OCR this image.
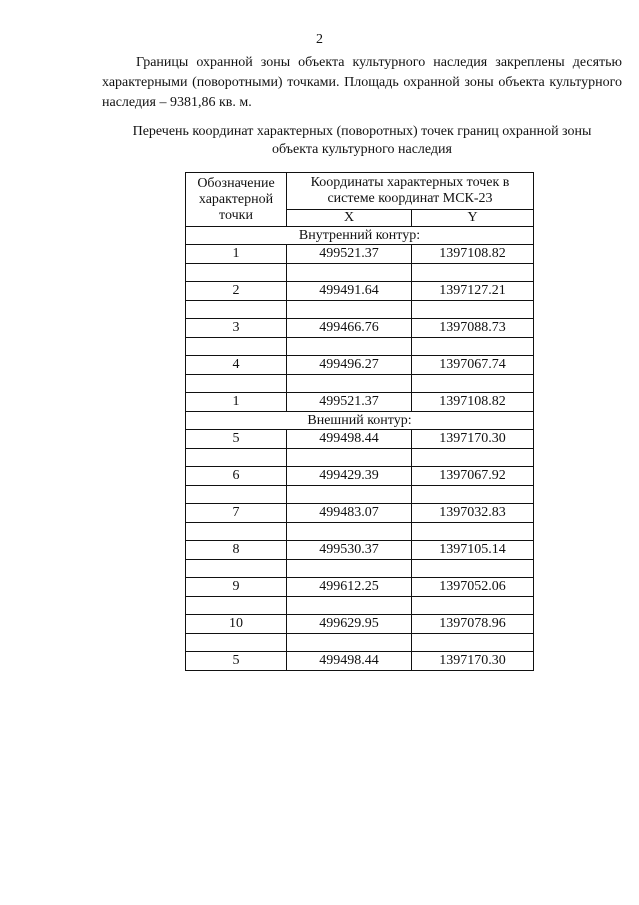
2

Границы охранной зоны объекта культурного наследия закреплены десятью характерными (поворотными) точками. Площадь охранной зоны объекта культурного наследия – 9381,86 кв. м.

Перечень координат характерных (поворотных) точек границ охранной зоны
объекта культурного наследия

Обозначение характерной точки	Координаты характерных точек в системе координат МСК-23	
	X	Y
Внутренний контур:		
1	499521.37	1397108.82

2	499491.64	1397127.21

3	499466.76	1397088.73

4	499496.27	1397067.74

1	499521.37	1397108.82
Внешний контур:		
5	499498.44	1397170.30

6	499429.39	1397067.92

7	499483.07	1397032.83

8	499530.37	1397105.14

9	499612.25	1397052.06

10	499629.95	1397078.96

5	499498.44	1397170.30
